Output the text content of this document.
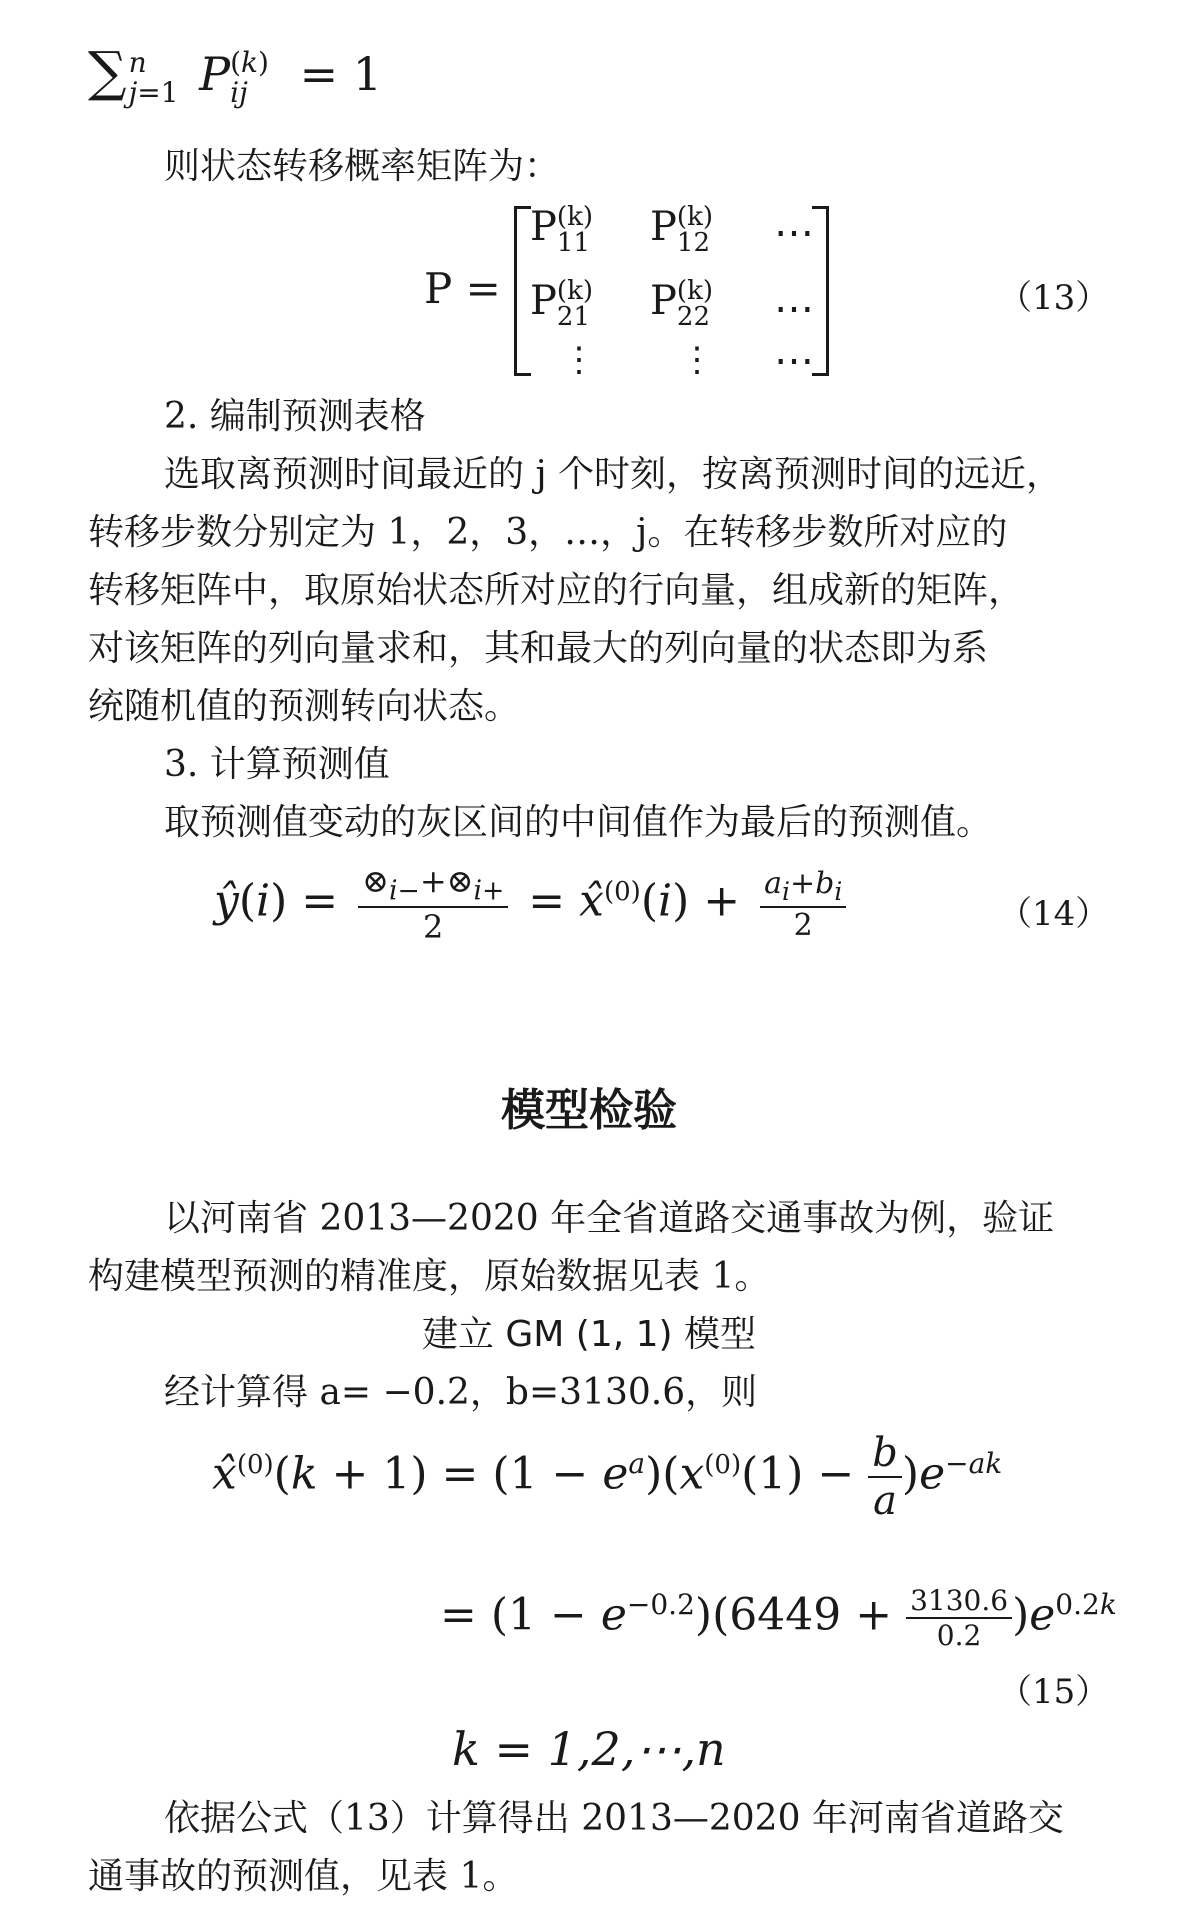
∑n
j=1 P(k)
ij = 1
则状态转移概率矩阵为：
P =
P(k)
11 P(k)
12 ⋯
P(k)
21 P(k)
22 ⋯
⋮ ⋮ ⋯
（13）
2. 编制预测表格
选取离预测时间最近的 j 个时刻，按离预测时间的远近，
转移步数分别定为 1，2，3，…，j。在转移步数所对应的
转移矩阵中，取原始状态所对应的行向量，组成新的矩阵，
对该矩阵的列向量求和，其和最大的列向量的状态即为系
统随机值的预测转向状态。
3. 计算预测值
取预测值变动的灰区间的中间值作为最后的预测值。
ŷ(i) = $\frac{\otimes_{i-}+\otimes_{i+}}{2}$ = x̂$^{(0)}$(i) + $\frac{a_i+b_i}{2}$	（14）
模型检验
以河南省 2013—2020 年全省道路交通事故为例，验证
构建模型预测的精准度，原始数据见表 1。
建立 GM (1, 1) 模型
经计算得 a= −0.2，b=3130.6，则
x̂$^{(0)}$(k + $1) = (1 - e^a)(x^{(0)}(1) - \frac{b}{a} )e^{-ak}$
= $(1 - e^{-0.2})(6449 + \frac{3130.6}{0.2} )e^{0.2k}$
（15）
k = 1,2,⋯,n
依据公式（13）计算得出 2013—2020 年河南省道路交
通事故的预测值，见表 1。
